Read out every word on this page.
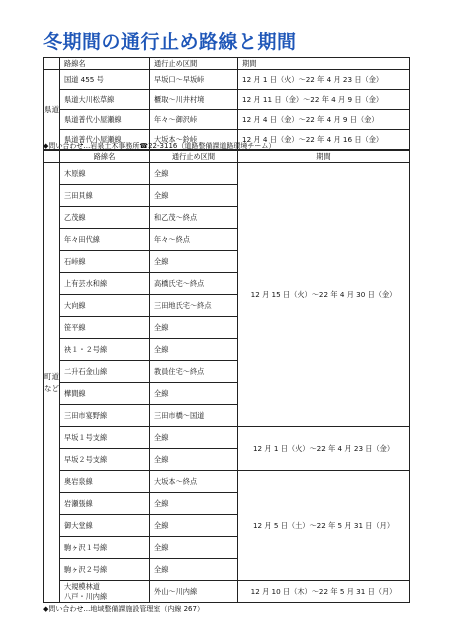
冬期間の通行止め路線と期間
	路線名	通行止め区間	期間
県道	国道 455 号	早坂口～早坂峠	12 月 1 日（火）～22 年 4 月 23 日（金）
	県道大川松草線	櫃取～川井村境	12 月 11 日（金）～22 年 4 月 9 日（金）
	県道普代小屋瀬線	年々～御沢峠	12 月 4 日（金）～22 年 4 月 9 日（金）
	県道普代小屋瀬線	大坂本～鈴峠	12 月 4 日（金）～22 年 4 月 16 日（金）
◆問い合わせ…岩泉土木事務所☎22-3116（道路整備課道路環境チーム）
	路線名	通行止め区間	期間
町道など	木原線	全線	12 月 15 日（火）～22 年 4 月 30 日（金）
	三田貝線	全線	
	乙茂線	和乙茂～終点	
	年々田代線	年々～終点	
	石峠線	全線	
	上有芸水和線	高橋氏宅～終点	
	大向線	三田地氏宅～終点	
	笹平線	全線	
	袂１・２号線	全線	
	二升石金山線	教員住宅～終点	
	樺間線	全線	
	三田市宴野線	三田市橋～国道	
	早坂１号支線	全線	12 月 1 日（火）～22 年 4 月 23 日（金）
	早坂２号支線	全線	
	奥岩泉線	大坂本～終点	12 月 5 日（土）～22 年 5 月 31 日（月）
	岩瀬張線	全線	
	御大堂線	全線	
	駒ヶ沢１号線	全線	
	駒ヶ沢２号線	全線	
	大規模林道
八戸・川内線	外山～川内線	12 月 10 日（木）～22 年 5 月 31 日（月）
◆問い合わせ…地域整備課施設管理室（内線 267）
